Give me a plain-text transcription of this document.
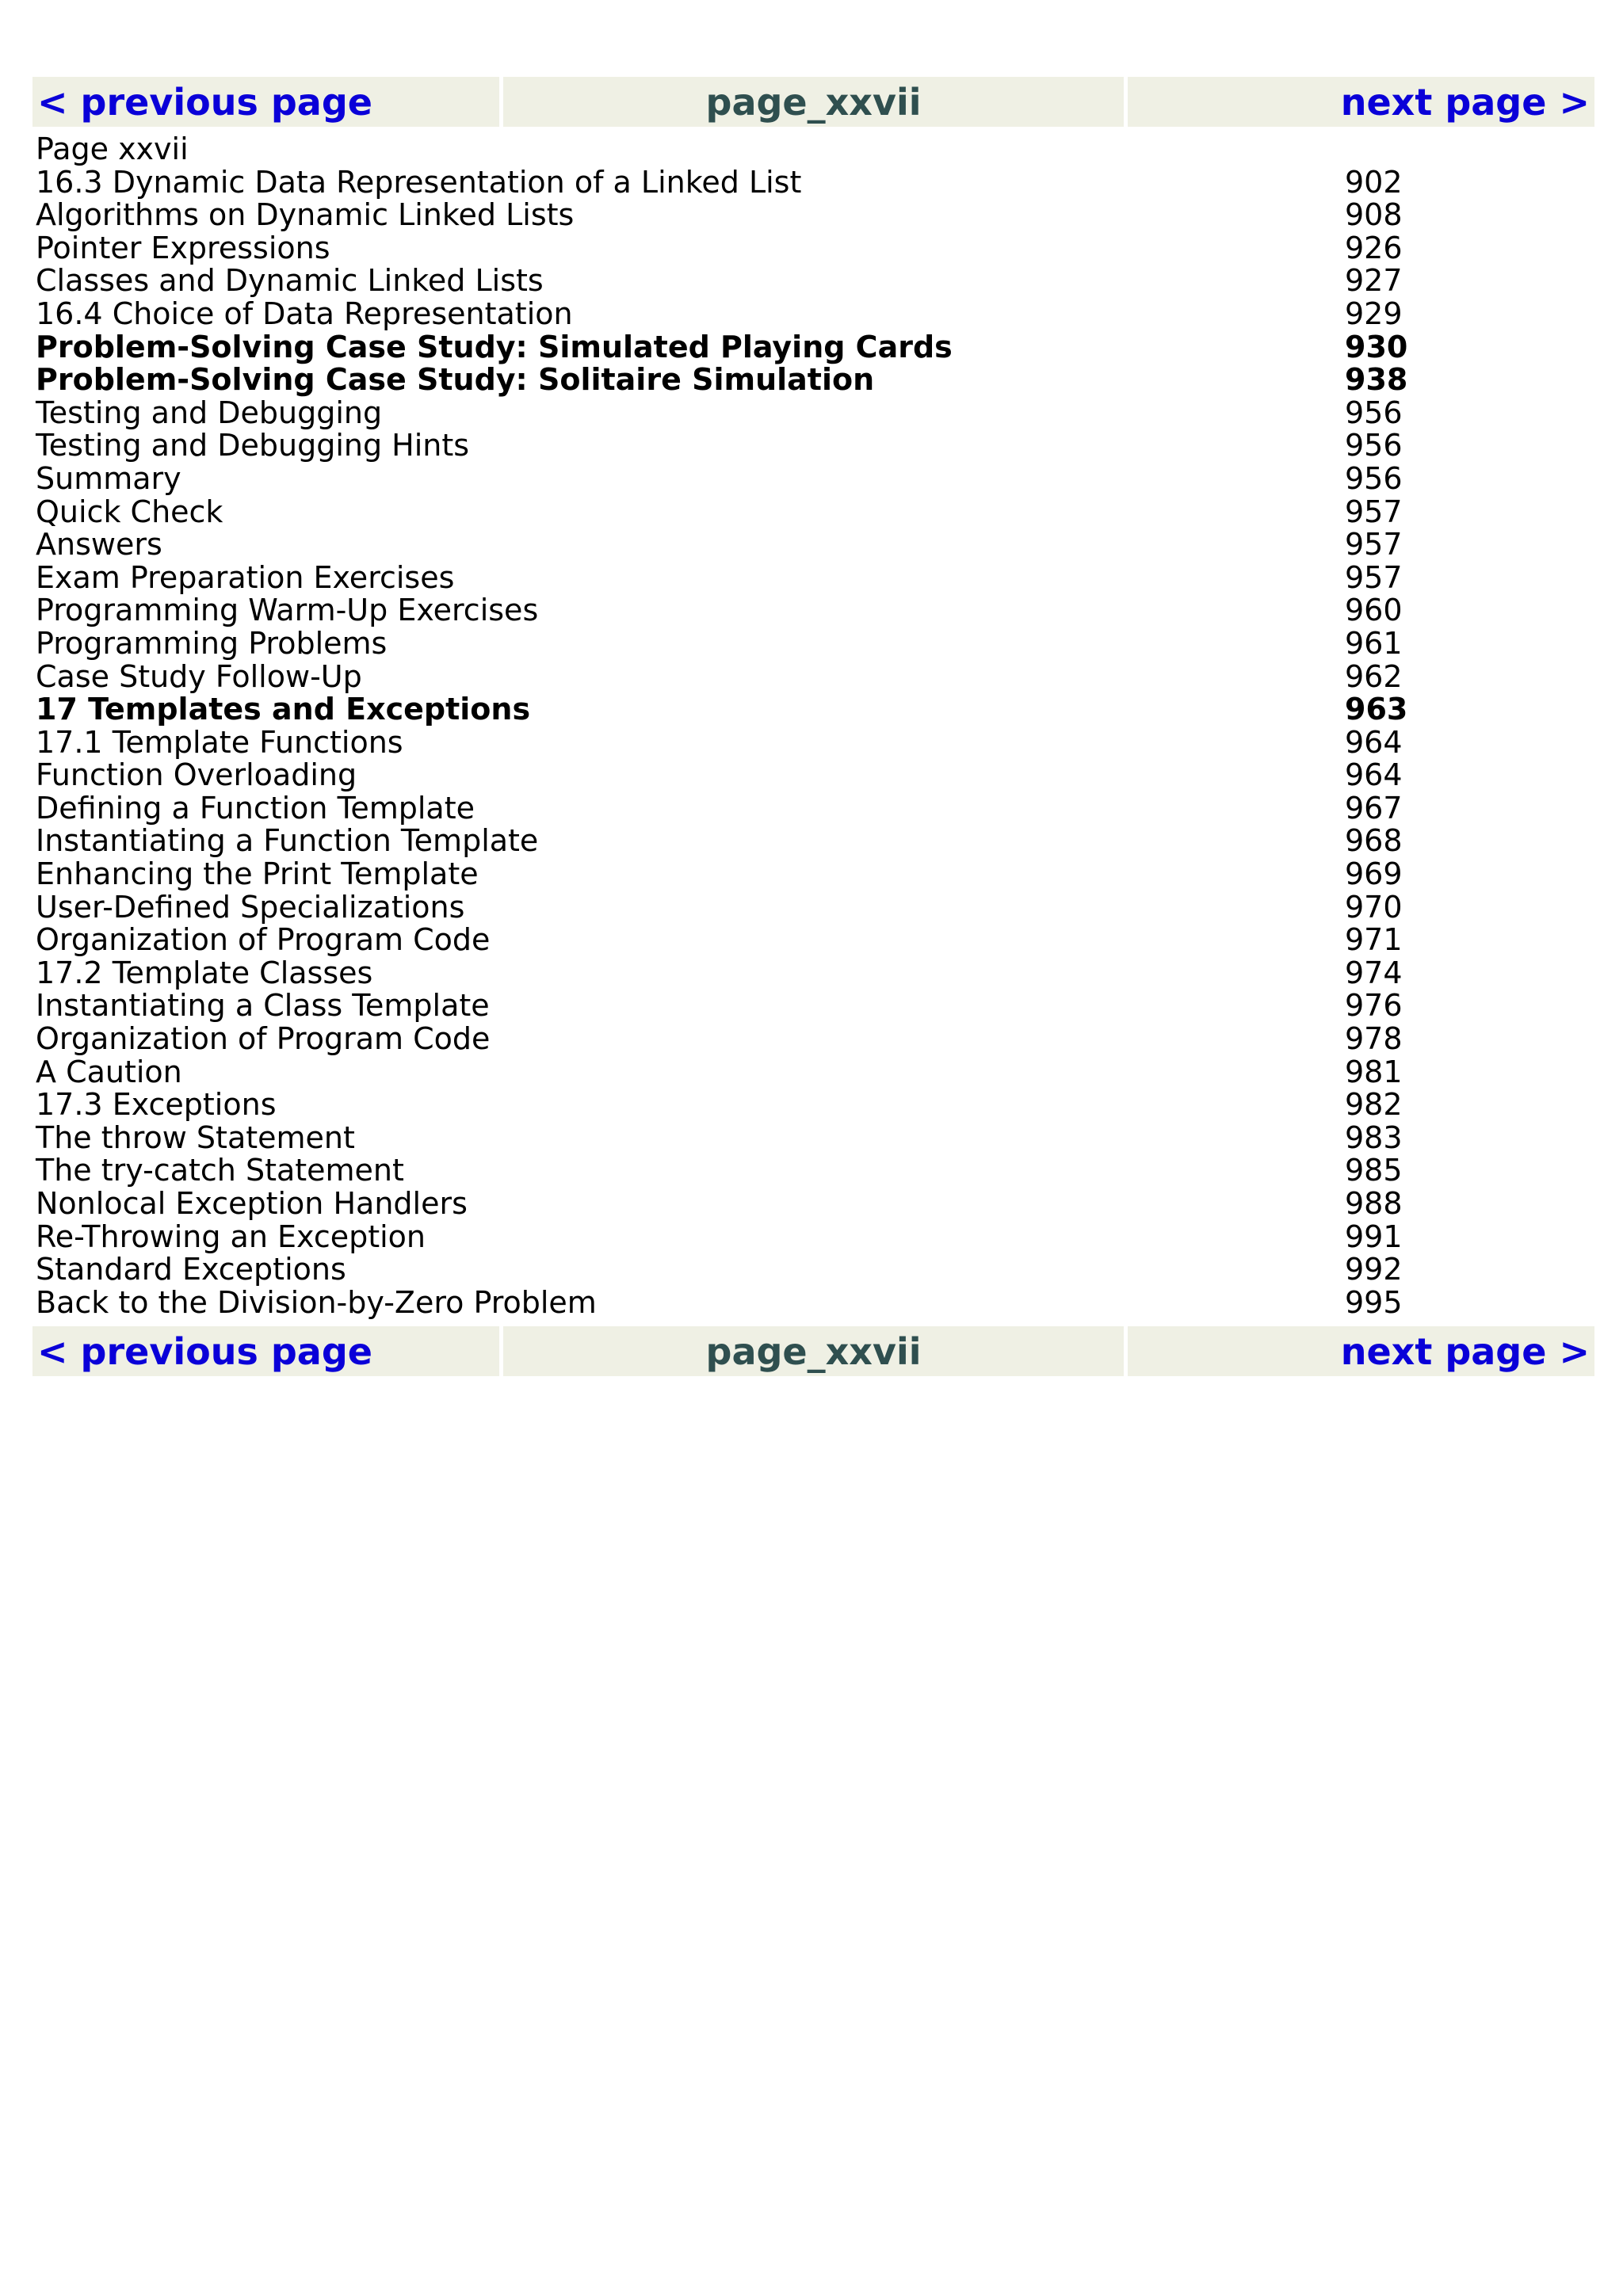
< previous page	page_xxvii	next page >
Page xxvii
16.3 Dynamic Data Representation of a Linked List	902
Algorithms on Dynamic Linked Lists	908
Pointer Expressions	926
Classes and Dynamic Linked Lists	927
16.4 Choice of Data Representation	929
Problem-Solving Case Study: Simulated Playing Cards	930
Problem-Solving Case Study: Solitaire Simulation	938
Testing and Debugging	956
Testing and Debugging Hints	956
Summary	956
Quick Check	957
Answers	957
Exam Preparation Exercises	957
Programming Warm-Up Exercises	960
Programming Problems	961
Case Study Follow-Up	962
17 Templates and Exceptions	963
17.1 Template Functions	964
Function Overloading	964
Defining a Function Template	967
Instantiating a Function Template	968
Enhancing the Print Template	969
User-Defined Specializations	970
Organization of Program Code	971
17.2 Template Classes	974
Instantiating a Class Template	976
Organization of Program Code	978
A Caution	981
17.3 Exceptions	982
The throw Statement	983
The try-catch Statement	985
Nonlocal Exception Handlers	988
Re-Throwing an Exception	991
Standard Exceptions	992
Back to the Division-by-Zero Problem	995
< previous page	page_xxvii	next page >
